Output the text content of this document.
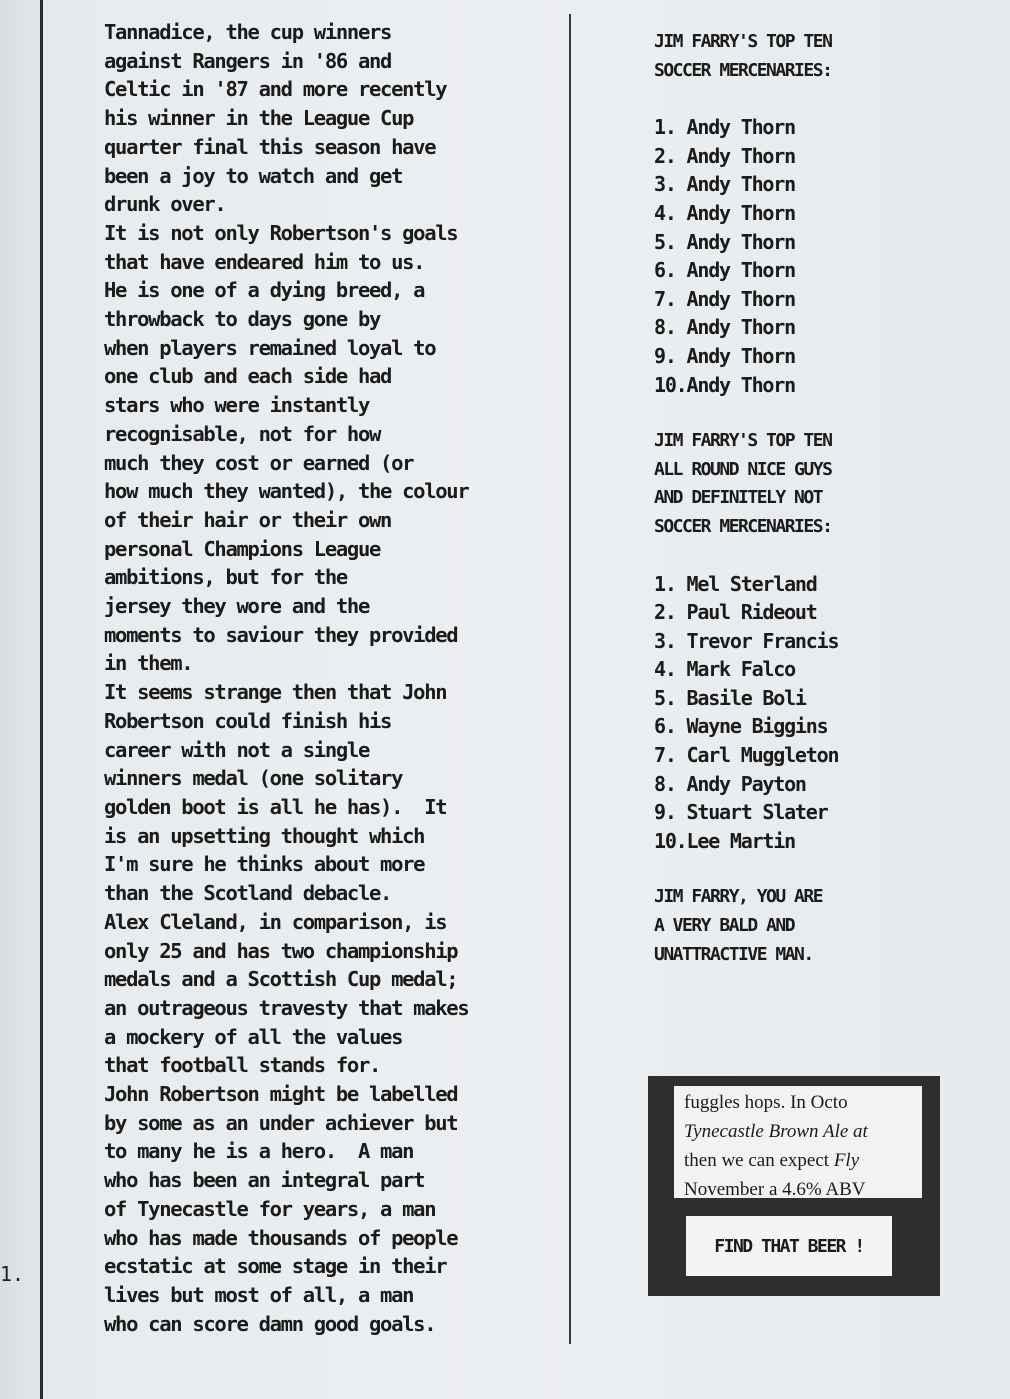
1.
Tannadice, the cup winners
against Rangers in '86 and
Celtic in '87 and more recently
his winner in the League Cup
quarter final this season have
been a joy to watch and get
drunk over.
It is not only Robertson's goals
that have endeared him to us.
He is one of a dying breed, a
throwback to days gone by
when players remained loyal to
one club and each side had
stars who were instantly
recognisable, not for how
much they cost or earned (or
how much they wanted), the colour
of their hair or their own
personal Champions League
ambitions, but for the
jersey they wore and the
moments to saviour they provided
in them.
It seems strange then that John
Robertson could finish his
career with not a single
winners medal (one solitary
golden boot is all he has).  It
is an upsetting thought which
I'm sure he thinks about more
than the Scotland debacle.
Alex Cleland, in comparison, is
only 25 and has two championship
medals and a Scottish Cup medal;
an outrageous travesty that makes
a mockery of all the values
that football stands for.
John Robertson might be labelled
by some as an under achiever but
to many he is a hero.  A man
who has been an integral part
of Tynecastle for years, a man
who has made thousands of people
ecstatic at some stage in their
lives but most of all, a man
who can score damn good goals.
JIM FARRY'S TOP TEN
SOCCER MERCENARIES:
1. Andy Thorn
2. Andy Thorn
3. Andy Thorn
4. Andy Thorn
5. Andy Thorn
6. Andy Thorn
7. Andy Thorn
8. Andy Thorn
9. Andy Thorn
10.Andy Thorn
JIM FARRY'S TOP TEN
ALL ROUND NICE GUYS
AND DEFINITELY NOT
SOCCER MERCENARIES:
1. Mel Sterland
2. Paul Rideout
3. Trevor Francis
4. Mark Falco
5. Basile Boli
6. Wayne Biggins
7. Carl Muggleton
8. Andy Payton
9. Stuart Slater
10.Lee Martin
JIM FARRY, YOU ARE
A VERY BALD AND
UNATTRACTIVE MAN.
fuggles hops. In Octo
Tynecastle Brown Ale at
then we can expect Fly
November a 4.6% ABV
FIND THAT BEER !
